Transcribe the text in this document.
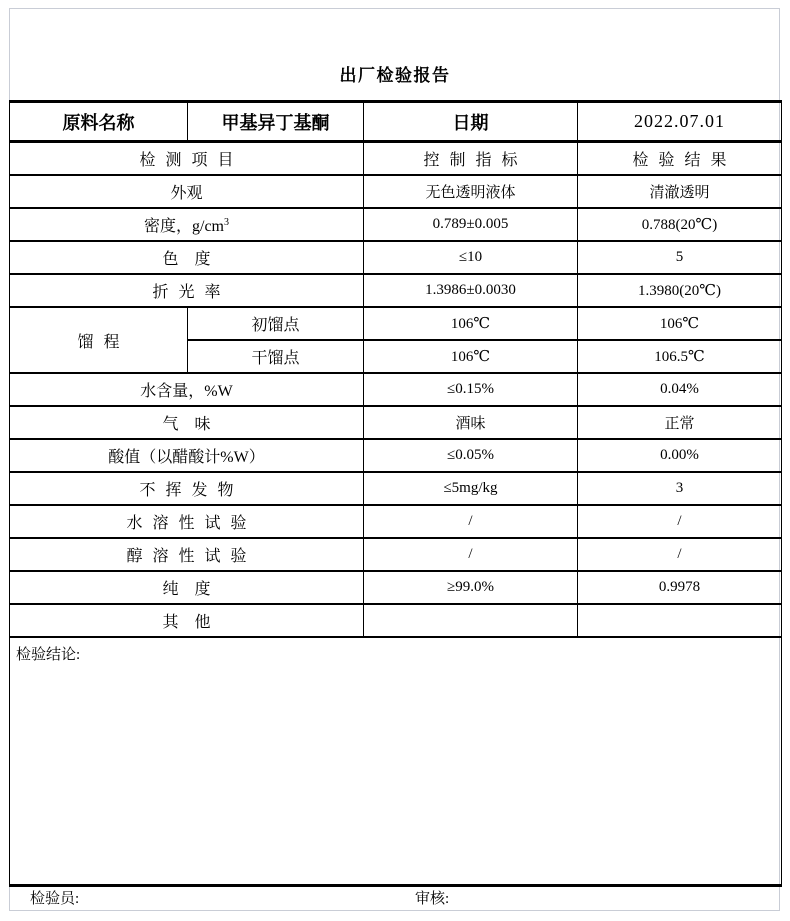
出厂检验报告
原料名称	甲基异丁基酮	日期	2022.07.01
检 测 项 目		控 制 指 标	检 验 结 果
外观		无色透明液体	清澈透明
密度，$g/cm^3$		0.789±0.005	0.788(20℃)
色　度		≤10	5
折 光 率		1.3986±0.0030	1.3980(20℃)
馏 程	初馏点	106℃	106℃
	干馏点	106℃	106.5℃
水含量，%W		≤0.15%	0.04%
气　味		酒味	正常
酸值（以醋酸计%W）		≤0.05%	0.00%
不 挥 发 物		≤5mg/kg	3
水 溶 性 试 验		/	/
醇 溶 性 试 验		/	/
纯　度		≥99.0%	0.9978
其　他			
检验结论:			
检验员:	审核:
